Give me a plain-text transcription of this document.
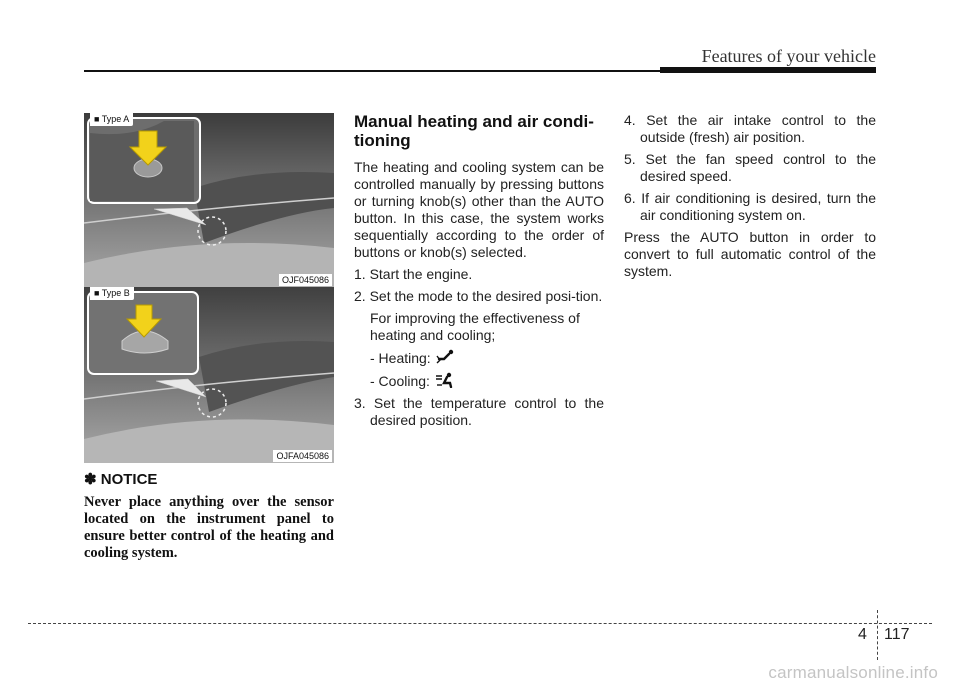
Features of your vehicle
■ Type A
OJF045086
■ Type B
OJFA045086
✽ NOTICE

Never place anything over the sensor located on the instrument panel to ensure better control of the heating and cooling system.

Manual heating and air condi-tioning

The heating and cooling system can be controlled manually by pressing buttons or turning knob(s) other than the AUTO button. In this case, the system works sequentially according to the order of buttons or knob(s) selected.

1. Start the engine.
2. Set the mode to the desired posi-tion.
For improving the effectiveness of heating and cooling;
- Heating:
- Cooling:
3. Set the temperature control to the desired position.
4. Set the air intake control to the outside (fresh) air position.
5. Set the fan speed control to the desired speed.
6. If air conditioning is desired, turn the air conditioning system on.

Press the AUTO button in order to convert to full automatic control of the system.

4 117
carmanualsonline.info
